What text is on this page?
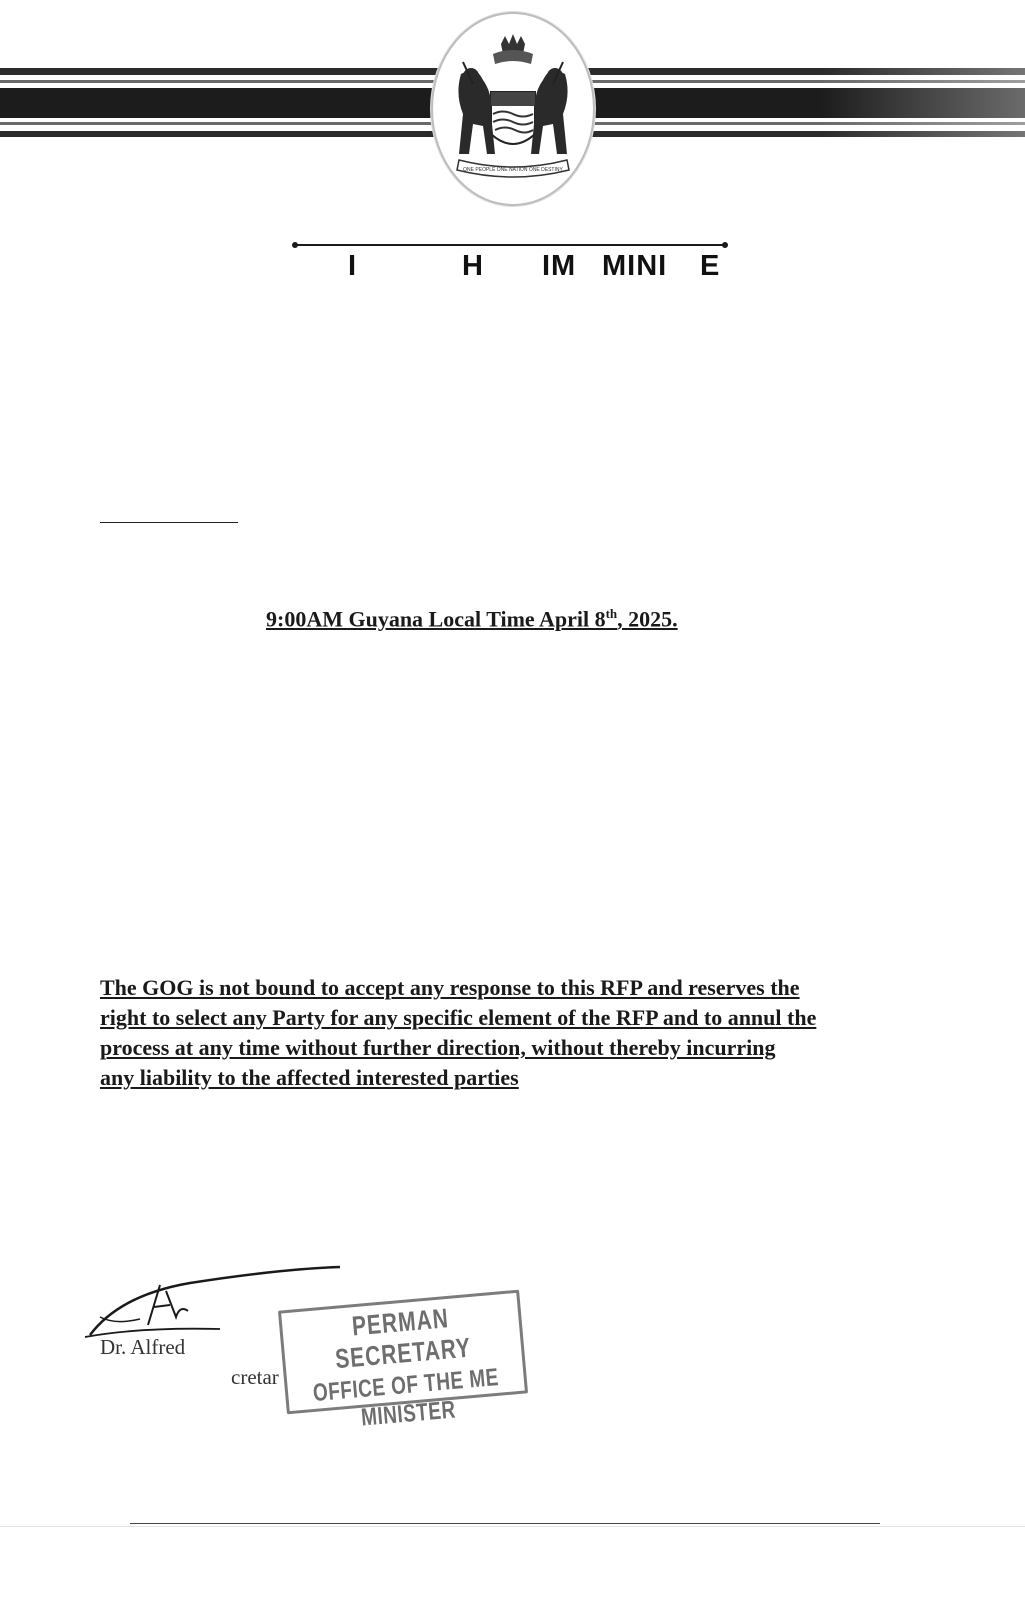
ONE PEOPLE ONE NATION ONE DESTINY
I	H IM MINI E
9:00AM Guyana Local Time April 8th, 2025.
The GOG is not bound to accept any response to this RFP and reserves the
right to select any Party for any specific element of the RFP and to annul the
process at any time without further direction, without thereby incurring
any liability to the affected interested parties
Dr. Alfred
cretar
PERMAN SECRETARY
OFFICE OF THE ME MINISTER
